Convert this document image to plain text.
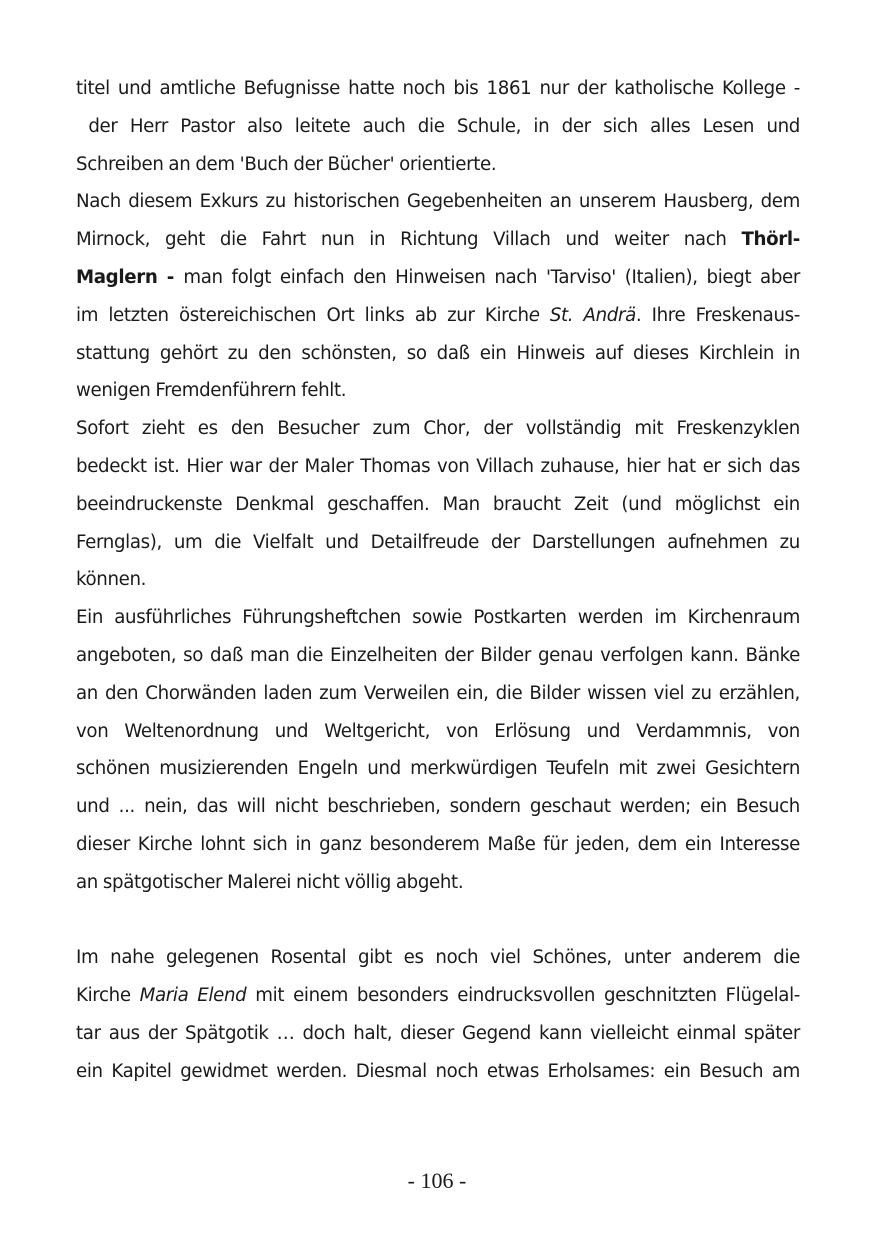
titel und amtliche Befugnisse hatte noch bis 1861 nur der katholische Kollege -
der Herr Pastor also leitete auch die Schule, in der sich alles Lesen und
Schreiben an dem 'Buch der Bücher' orientierte.
Nach diesem Exkurs zu historischen Gegebenheiten an unserem Hausberg, dem
Mirnock, geht die Fahrt nun in Richtung Villach und weiter nach Thörl-
Maglern - man folgt einfach den Hinweisen nach 'Tarviso' (Italien), biegt aber
im letzten östereichischen Ort links ab zur Kirche St. Andrä. Ihre Freskenaus-
stattung gehört zu den schönsten, so daß ein Hinweis auf dieses Kirchlein in
wenigen Fremdenführern fehlt.
Sofort zieht es den Besucher zum Chor, der vollständig mit Freskenzyklen
bedeckt ist. Hier war der Maler Thomas von Villach zuhause, hier hat er sich das
beeindruckenste Denkmal geschaffen. Man braucht Zeit (und möglichst ein
Fernglas), um die Vielfalt und Detailfreude der Darstellungen aufnehmen zu
können.
Ein ausführliches Führungsheftchen sowie Postkarten werden im Kirchenraum
angeboten, so daß man die Einzelheiten der Bilder genau verfolgen kann. Bänke
an den Chorwänden laden zum Verweilen ein, die Bilder wissen viel zu erzählen,
von Weltenordnung und Weltgericht, von Erlösung und Verdammnis, von
schönen musizierenden Engeln und merkwürdigen Teufeln mit zwei Gesichtern
und ... nein, das will nicht beschrieben, sondern geschaut werden; ein Besuch
dieser Kirche lohnt sich in ganz besonderem Maße für jeden, dem ein Interesse
an spätgotischer Malerei nicht völlig abgeht.
Im nahe gelegenen Rosental gibt es noch viel Schönes, unter anderem die
Kirche Maria Elend mit einem besonders eindrucksvollen geschnitzten Flügelal-
tar aus der Spätgotik … doch halt, dieser Gegend kann vielleicht einmal später
ein Kapitel gewidmet werden. Diesmal noch etwas Erholsames: ein Besuch am
- 106 -
